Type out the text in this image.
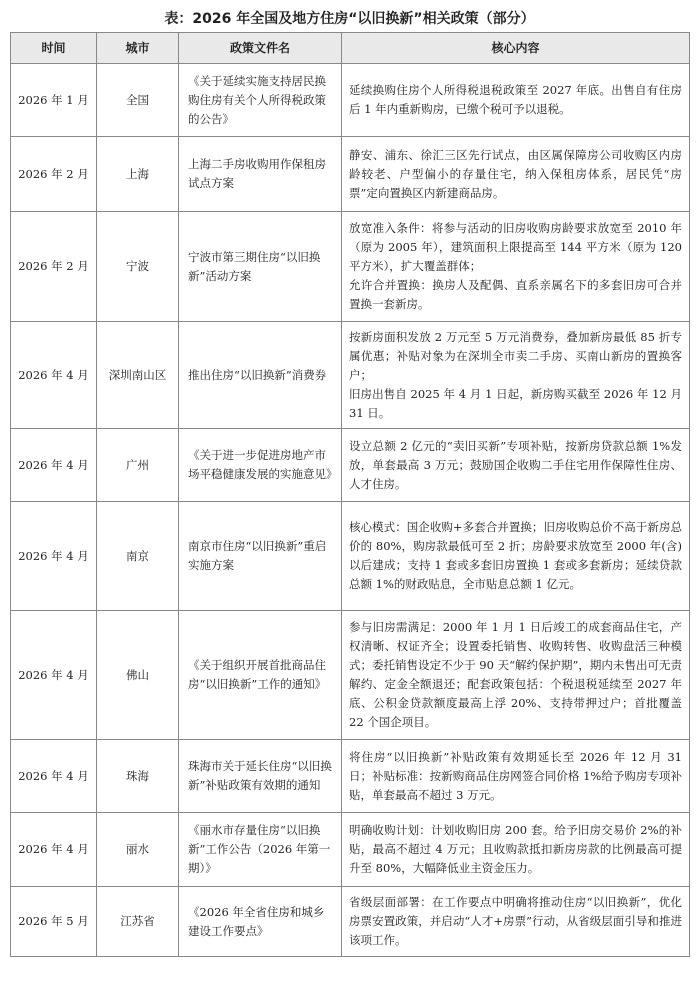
表：2026 年全国及地方住房“以旧换新”相关政策（部分）
时间	城市	政策文件名	核心内容
2026 年 1 月	全国	《关于延续实施支持居民换购住房有关个人所得税政策的公告》	延续换购住房个人所得税退税政策至 2027 年底。出售自有住房后 1 年内重新购房，已缴个税可予以退税。

2026 年 2 月	上海	上海二手房收购用作保租房试点方案	静安、浦东、徐汇三区先行试点，由区属保障房公司收购区内房龄较老、户型偏小的存量住宅，纳入保租房体系，居民凭“房票”定向置换区内新建商品房。

2026 年 2 月	宁波	宁波市第三期住房“以旧换新”活动方案	放宽准入条件：将参与活动的旧房收购房龄要求放宽至 2010 年（原为 2005 年），建筑面积上限提高至 144 平方米（原为 120 平方米），扩大覆盖群体；
允许合并置换：换房人及配偶、直系亲属名下的多套旧房可合并置换一套新房。

2026 年 4 月	深圳南山区	推出住房“以旧换新”消费券	按新房面积发放 2 万元至 5 万元消费券，叠加新房最低 85 折专属优惠；补贴对象为在深圳全市卖二手房、买南山新房的置换客户；
旧房出售自 2025 年 4 月 1 日起，新房购买截至 2026 年 12 月 31 日。

2026 年 4 月	广州	《关于进一步促进房地产市场平稳健康发展的实施意见》	设立总额 2 亿元的“卖旧买新”专项补贴，按新房贷款总额 1%发放，单套最高 3 万元；鼓励国企收购二手住宅用作保障性住房、人才住房。

2026 年 4 月	南京	南京市住房“以旧换新”重启实施方案	核心模式：国企收购+多套合并置换；旧房收购总价不高于新房总价的 80%，购房款最低可至 2 折；房龄要求放宽至 2000 年(含)以后建成；支持 1 套或多套旧房置换 1 套或多套新房；延续贷款总额 1%的财政贴息，全市贴息总额 1 亿元。

2026 年 4 月	佛山	《关于组织开展首批商品住房“以旧换新”工作的通知》	参与旧房需满足：2000 年 1 月 1 日后竣工的成套商品住宅，产权清晰、权证齐全；设置委托销售、收购转售、收购盘活三种模式；委托销售设定不少于 90 天“解约保护期”，期内未售出可无责解约、定金全额退还；配套政策包括：个税退税延续至 2027 年底、公积金贷款额度最高上浮 20%、支持带押过户；首批覆盖 22 个国企项目。

2026 年 4 月	珠海	珠海市关于延长住房“以旧换新”补贴政策有效期的通知	将住房“以旧换新”补贴政策有效期延长至 2026 年 12 月 31 日；补贴标准：按新购商品住房网签合同价格 1%给予购房专项补贴，单套最高不超过 3 万元。

2026 年 4 月	丽水	《丽水市存量住房“以旧换新”工作公告（2026 年第一期）》	明确收购计划：计划收购旧房 200 套。给予旧房交易价 2%的补贴，最高不超过 4 万元；且收购款抵扣新房房款的比例最高可提升至 80%，大幅降低业主资金压力。

2026 年 5 月	江苏省	《2026 年全省住房和城乡建设工作要点》	省级层面部署：在工作要点中明确将推动住房“以旧换新”，优化房票安置政策，并启动“人才+房票”行动，从省级层面引导和推进该项工作。
